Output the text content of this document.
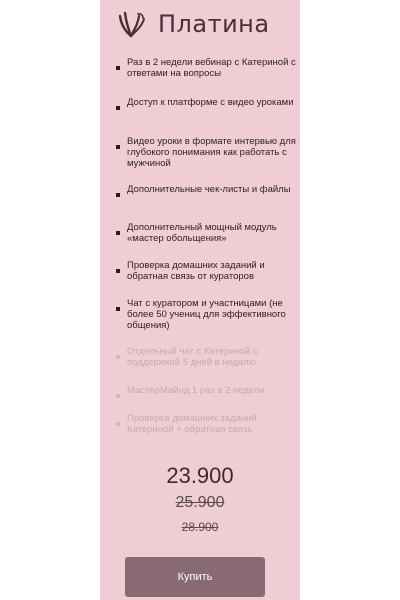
Платина
Раз в 2 недели вебинар с Катериной с ответами на вопросы
Доступ к платформе с видео уроками
Видео уроки в формате интервью для глубокого понимания как работать с мужчиной
Дополнительные чек-листы и файлы
Дополнительный мощный модуль «мастер обольщения»
Проверка домашних заданий и обратная связь от кураторов
Чат с куратором и участницами (не более 50 учениц для эффективного общения)
Отдельный чат с Катериной с поддержкой 5 дней в неделю
МастерМайнд 1 раз в 2 недели
Проверка домашних заданий Катериной + обратная связь
23.900
25.900
28.900
Купить
